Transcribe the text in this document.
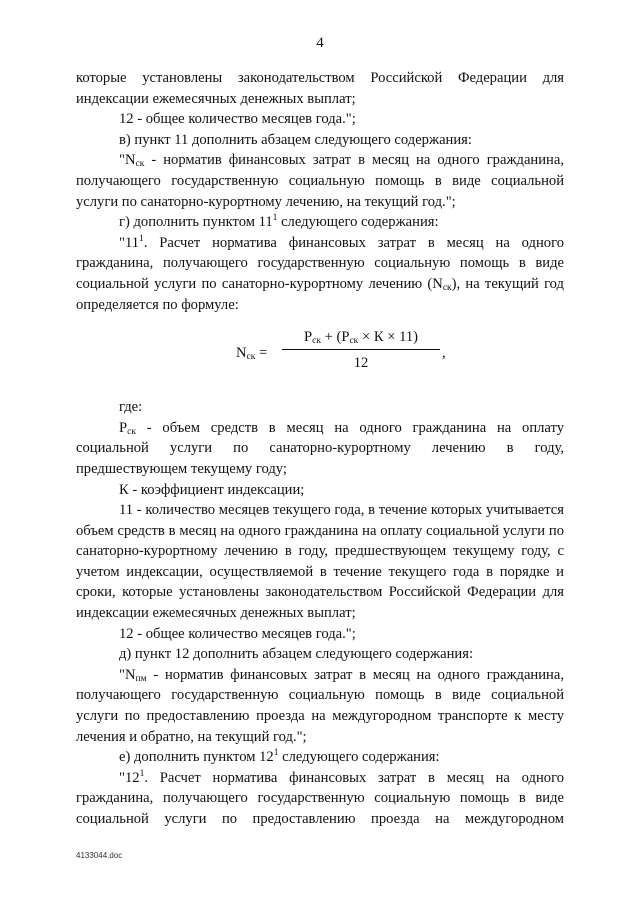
4

которые установлены законодательством Российской Федерации для индексации ежемесячных денежных выплат;

12 - общее количество месяцев года.";

в) пункт 11 дополнить абзацем следующего содержания:

"$N_{ск}$ - норматив финансовых затрат в месяц на одного гражданина, получающего государственную социальную помощь в виде социальной услуги по санаторно-курортному лечению, на текущий год.";

г) дополнить пунктом $11^1$ следующего содержания:

"$11^1$. Расчет норматива финансовых затрат в месяц на одного гражданина, получающего государственную социальную помощь в виде социальной услуги по санаторно-курортному лечению $(N_{ск})$, на текущий год определяется по формуле:

$N_{ск}$ =
$Р_{ск} + (Р_{ск} \times К \times 11)$
12
,

где:

$Р_{ск}$ - объем средств в месяц на одного гражданина на оплату социальной услуги по санаторно-курортному лечению в году, предшествующем текущему году;

К - коэффициент индексации;

11 - количество месяцев текущего года, в течение которых учитывается объем средств в месяц на одного гражданина на оплату социальной услуги по санаторно-курортному лечению в году, предшествующем текущему году, с учетом индексации, осуществляемой в течение текущего года в порядке и сроки, которые установлены законодательством Российской Федерации для индексации ежемесячных денежных выплат;

12 - общее количество месяцев года.";

д) пункт 12 дополнить абзацем следующего содержания:

"$N_{пм}$ - норматив финансовых затрат в месяц на одного гражданина, получающего государственную социальную помощь в виде социальной услуги по предоставлению проезда на междугородном транспорте к месту лечения и обратно, на текущий год.";

е) дополнить пунктом $12^1$ следующего содержания:

"$12^1$. Расчет норматива финансовых затрат в месяц на одного гражданина, получающего государственную социальную помощь в виде социальной услуги по предоставлению проезда на междугородном

4133044.doc
